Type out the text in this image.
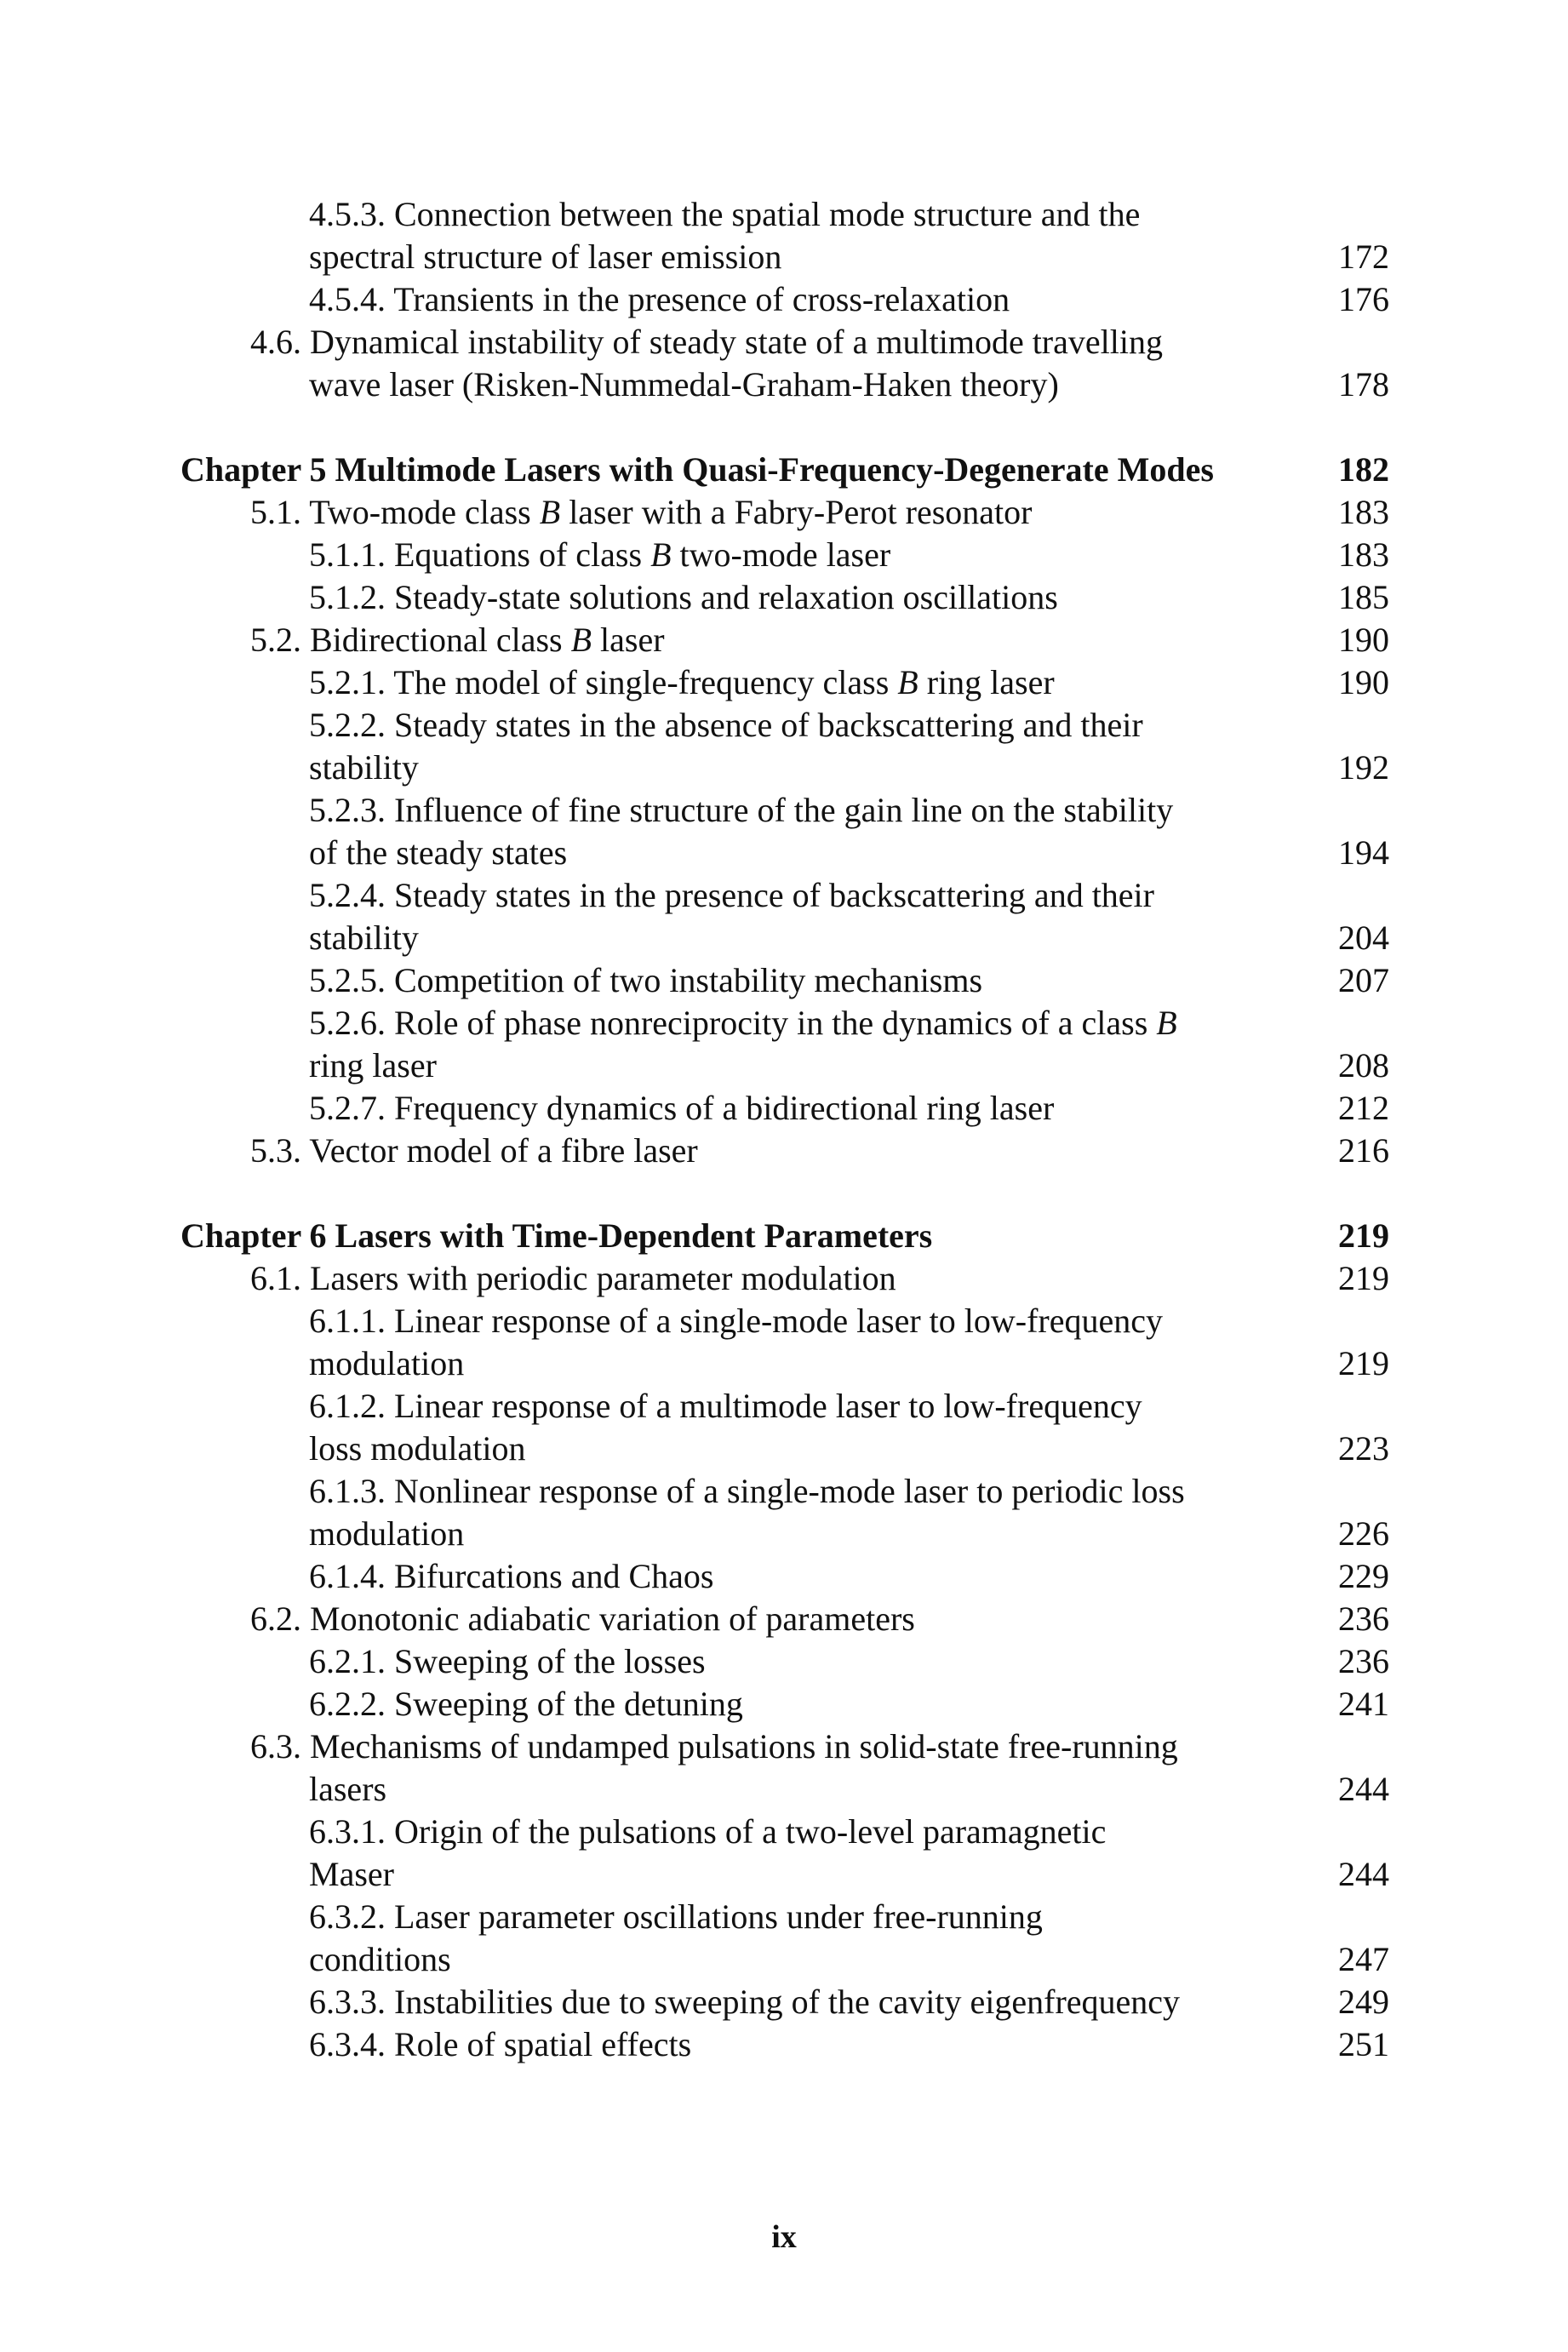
4.5.3. Connection between the spatial mode structure and the
spectral structure of laser emission	172
4.5.4. Transients in the presence of cross-relaxation	176
4.6. Dynamical instability of steady state of a multimode travelling
wave laser (Risken-Nummedal-Graham-Haken theory)	178
Chapter 5 Multimode Lasers with Quasi-Frequency-Degenerate Modes	182
5.1. Two-mode class B laser with a Fabry-Perot resonator	183
5.1.1. Equations of class B two-mode laser	183
5.1.2. Steady-state solutions and relaxation oscillations	185
5.2. Bidirectional class B laser	190
5.2.1. The model of single-frequency class B ring laser	190
5.2.2. Steady states in the absence of backscattering and their
stability	192
5.2.3. Influence of fine structure of the gain line on the stability
of the steady states	194
5.2.4. Steady states in the presence of backscattering and their
stability	204
5.2.5. Competition of two instability mechanisms	207
5.2.6. Role of phase nonreciprocity in the dynamics of a class B
ring laser	208
5.2.7. Frequency dynamics of a bidirectional ring laser	212
5.3. Vector model of a fibre laser	216
Chapter 6 Lasers with Time-Dependent Parameters	219
6.1. Lasers with periodic parameter modulation	219
6.1.1. Linear response of a single-mode laser to low-frequency
modulation	219
6.1.2. Linear response of a multimode laser to low-frequency
loss modulation	223
6.1.3. Nonlinear response of a single-mode laser to periodic loss
modulation	226
6.1.4. Bifurcations and Chaos	229
6.2. Monotonic adiabatic variation of parameters	236
6.2.1. Sweeping of the losses	236
6.2.2. Sweeping of the detuning	241
6.3. Mechanisms of undamped pulsations in solid-state free-running
lasers	244
6.3.1. Origin of the pulsations of a two-level paramagnetic
Maser	244
6.3.2. Laser parameter oscillations under free-running
conditions	247
6.3.3. Instabilities due to sweeping of the cavity eigenfrequency	249
6.3.4. Role of spatial effects	251
ix
